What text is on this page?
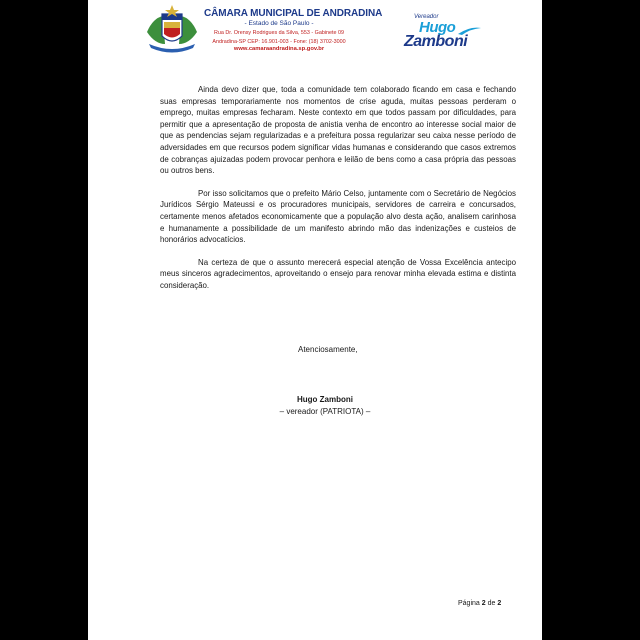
CÂMARA MUNICIPAL DE ANDRADINA
- Estado de São Paulo -
Rua Dr. Orensy Rodrigues da Silva, 553 - Gabinete 09
Andradina-SP CEP: 16.901-003 - Fone: (18) 3702-3000
www.camaraandradina.sp.gov.br
Vereador
Hugo
Zamboni

Ainda devo dizer que, toda a comunidade tem colaborado ficando em casa e fechando suas empresas temporariamente nos momentos de crise aguda, muitas pessoas perderam o emprego, muitas empresas fecharam. Neste contexto em que todos passam por dificuldades, para permitir que a apresentação de proposta de anistia venha de encontro ao interesse social maior de que as pendencias sejam regularizadas e a prefeitura possa regularizar seu caixa nesse período de adversidades em que recursos podem significar vidas humanas e considerando que casos extremos de cobranças ajuizadas podem provocar penhora e leilão de bens como a casa própria das pessoas ou outros bens.

Por isso solicitamos que o prefeito Mário Celso, juntamente com o Secretário de Negócios Jurídicos Sérgio Mateussi e os procuradores municipais, servidores de carreira e concursados, certamente menos afetados economicamente que a população alvo desta ação, analisem carinhosa e humanamente a possibilidade de um manifesto abrindo mão das indenizações e custeios de honorários advocatícios.

Na certeza de que o assunto merecerá especial atenção de Vossa Excelência antecipo meus sinceros agradecimentos, aproveitando o ensejo para renovar minha elevada estima e distinta consideração.

Atenciosamente,
Hugo Zamboni
– vereador (PATRIOTA) –
Página 2 de 2
